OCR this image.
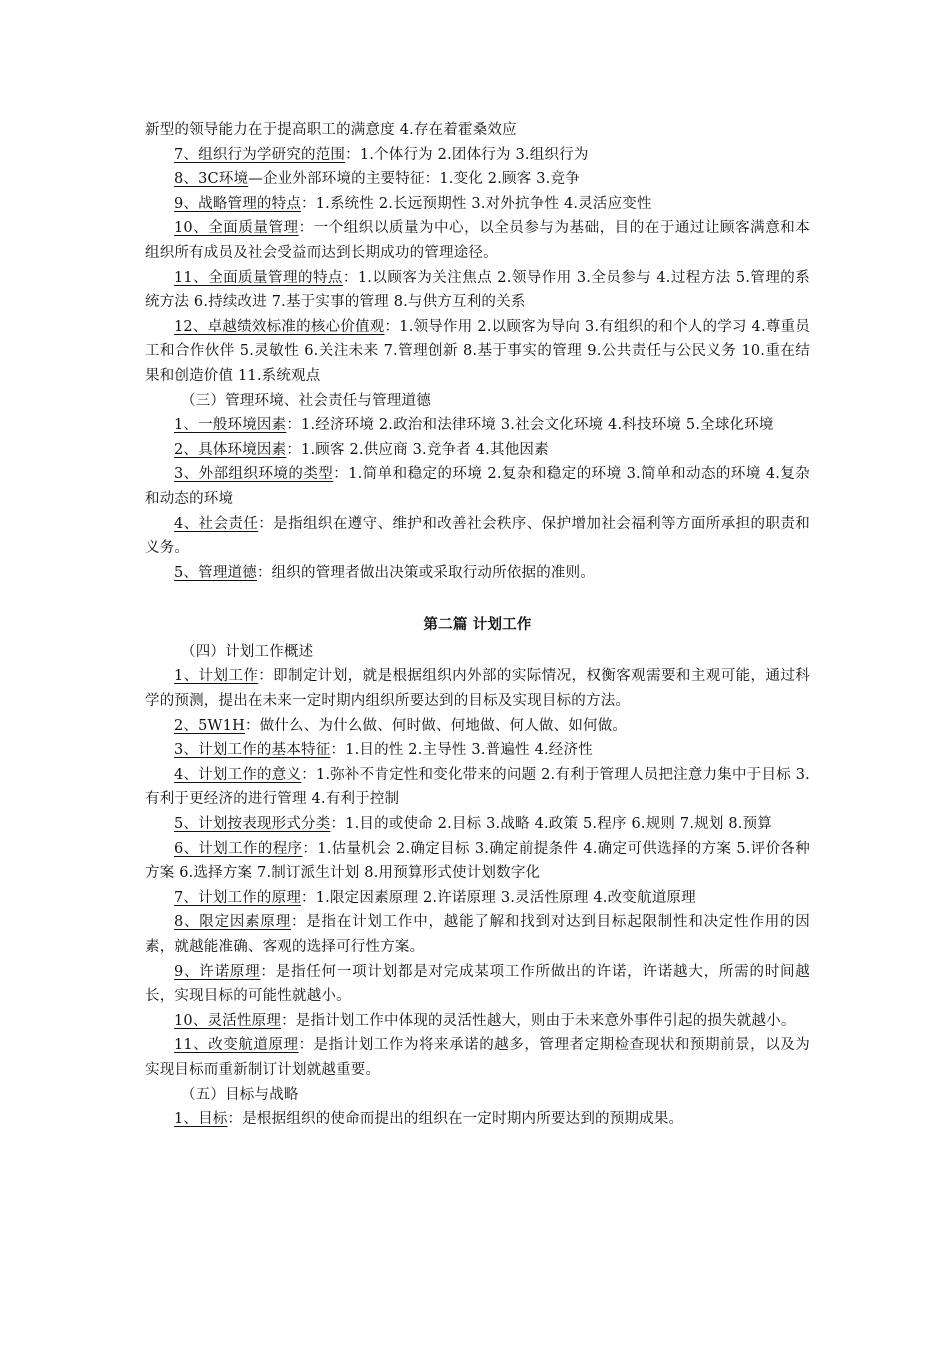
新型的领导能力在于提高职工的满意度 4.存在着霍桑效应

7、组织行为学研究的范围：1.个体行为 2.团体行为 3.组织行为

8、3C环境—企业外部环境的主要特征：1.变化 2.顾客 3.竞争

9、战略管理的特点：1.系统性 2.长远预期性 3.对外抗争性 4.灵活应变性

10、全面质量管理：一个组织以质量为中心，以全员参与为基础，目的在于通过让顾客满意和本组织所有成员及社会受益而达到长期成功的管理途径。

11、全面质量管理的特点：1.以顾客为关注焦点 2.领导作用 3.全员参与 4.过程方法 5.管理的系统方法 6.持续改进 7.基于实事的管理 8.与供方互利的关系

12、卓越绩效标准的核心价值观：1.领导作用 2.以顾客为导向 3.有组织的和个人的学习 4.尊重员工和合作伙伴 5.灵敏性 6.关注未来 7.管理创新 8.基于事实的管理 9.公共责任与公民义务 10.重在结果和创造价值 11.系统观点

（三）管理环境、社会责任与管理道德

1、一般环境因素：1.经济环境 2.政治和法律环境 3.社会文化环境 4.科技环境 5.全球化环境

2、具体环境因素：1.顾客 2.供应商 3.竞争者 4.其他因素

3、外部组织环境的类型：1.简单和稳定的环境 2.复杂和稳定的环境 3.简单和动态的环境 4.复杂和动态的环境

4、社会责任：是指组织在遵守、维护和改善社会秩序、保护增加社会福利等方面所承担的职责和义务。

5、管理道德：组织的管理者做出决策或采取行动所依据的准则。

第二篇 计划工作

（四）计划工作概述

1、计划工作：即制定计划，就是根据组织内外部的实际情况，权衡客观需要和主观可能，通过科学的预测，提出在未来一定时期内组织所要达到的目标及实现目标的方法。

2、5W1H：做什么、为什么做、何时做、何地做、何人做、如何做。

3、计划工作的基本特征：1.目的性 2.主导性 3.普遍性 4.经济性

4、计划工作的意义：1.弥补不肯定性和变化带来的问题 2.有利于管理人员把注意力集中于目标 3.有利于更经济的进行管理 4.有利于控制

5、计划按表现形式分类：1.目的或使命 2.目标 3.战略 4.政策 5.程序 6.规则 7.规划 8.预算

6、计划工作的程序：1.估量机会 2.确定目标 3.确定前提条件 4.确定可供选择的方案 5.评价各种方案 6.选择方案 7.制订派生计划 8.用预算形式使计划数字化

7、计划工作的原理：1.限定因素原理 2.许诺原理 3.灵活性原理 4.改变航道原理

8、限定因素原理：是指在计划工作中，越能了解和找到对达到目标起限制性和决定性作用的因素，就越能准确、客观的选择可行性方案。

9、许诺原理：是指任何一项计划都是对完成某项工作所做出的许诺，许诺越大，所需的时间越长，实现目标的可能性就越小。

10、灵活性原理：是指计划工作中体现的灵活性越大，则由于未来意外事件引起的损失就越小。

11、改变航道原理：是指计划工作为将来承诺的越多，管理者定期检查现状和预期前景，以及为实现目标而重新制订计划就越重要。

（五）目标与战略

1、目标：是根据组织的使命而提出的组织在一定时期内所要达到的预期成果。
